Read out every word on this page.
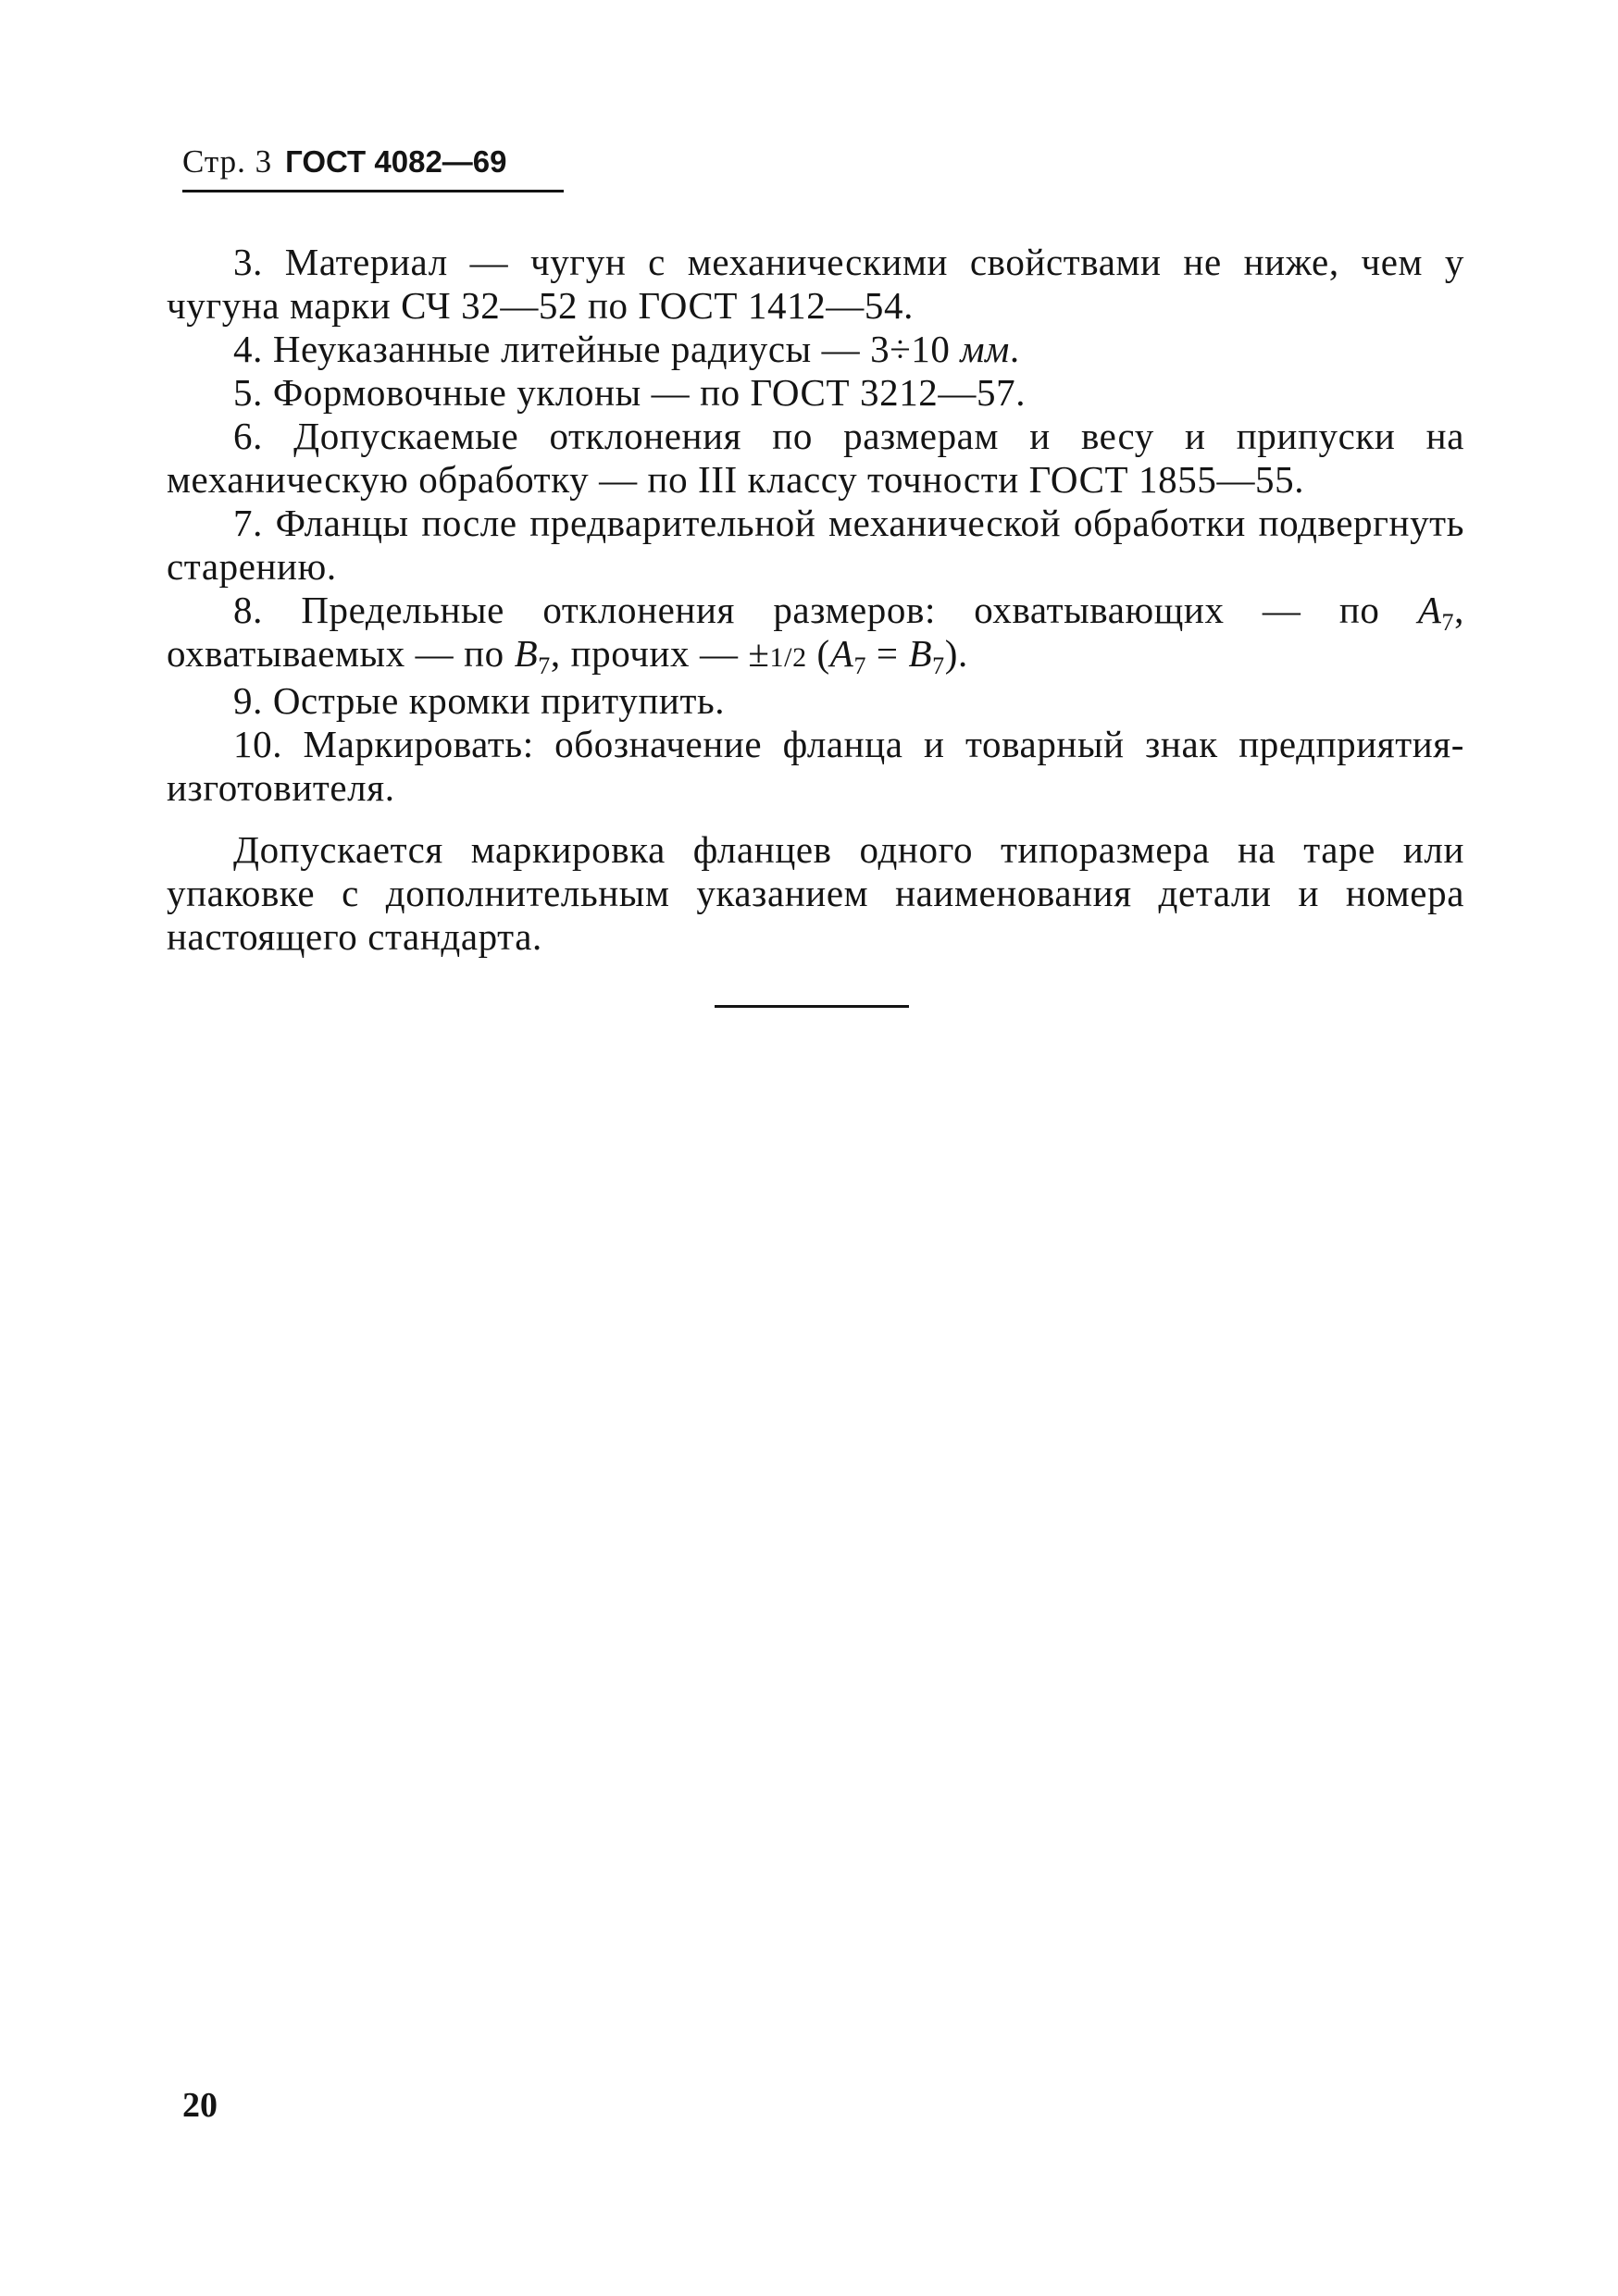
Стр. 3 ГОСТ 4082—69

3. Материал — чугун с механическими свойствами не ниже, чем у чугуна марки СЧ 32—52 по ГОСТ 1412—54.

4. Неуказанные литейные радиусы — 3÷10 мм.

5. Формовочные уклоны — по ГОСТ 3212—57.

6. Допускаемые отклонения по размерам и весу и припуски на механическую обработку — по III классу точности ГОСТ 1855—55.

7. Фланцы после предварительной механической обработки подвергнуть старению.

8. Предельные отклонения размеров: охватывающих — по $A_7$, охватываемых — по $B_7$, прочих — ±1/2 $(A_7 = B_7)$.

9. Острые кромки притупить.

10. Маркировать: обозначение фланца и товарный знак предприятия-изготовителя.

Допускается маркировка фланцев одного типоразмера на таре или упаковке с дополнительным указанием наименования детали и номера настоящего стандарта.

20
